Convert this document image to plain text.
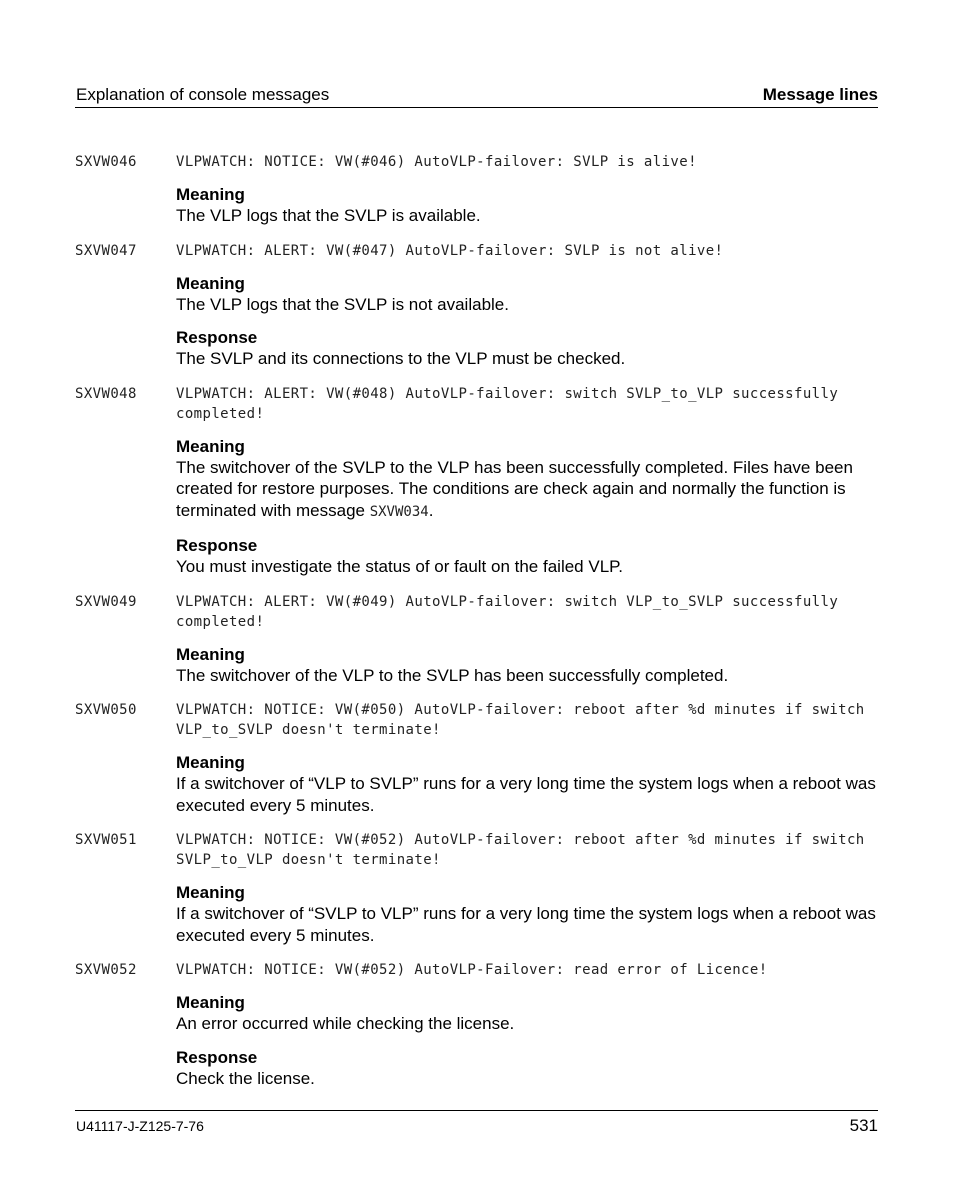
Explanation of console messages	Message lines
SXVW046	VLPWATCH: NOTICE: VW(#046) AutoVLP-failover: SVLP is alive!
Meaning
The VLP logs that the SVLP is available.
SXVW047	VLPWATCH: ALERT: VW(#047) AutoVLP-failover: SVLP is not alive!
Meaning
The VLP logs that the SVLP is not available.
Response
The SVLP and its connections to the VLP must be checked.
SXVW048	VLPWATCH: ALERT: VW(#048) AutoVLP-failover: switch SVLP_to_VLP successfully completed!
Meaning
The switchover of the SVLP to the VLP has been successfully completed. Files have been created for restore purposes. The conditions are check again and normally the function is terminated with message SXVW034.
Response
You must investigate the status of or fault on the failed VLP.
SXVW049	VLPWATCH: ALERT: VW(#049) AutoVLP-failover: switch VLP_to_SVLP successfully completed!
Meaning
The switchover of the VLP to the SVLP has been successfully completed.
SXVW050	VLPWATCH: NOTICE: VW(#050) AutoVLP-failover: reboot after %d minutes if switch VLP_to_SVLP doesn't terminate!
Meaning
If a switchover of “VLP to SVLP” runs for a very long time the system logs when a reboot was executed every 5 minutes.
SXVW051	VLPWATCH: NOTICE: VW(#052) AutoVLP-failover: reboot after %d minutes if switch SVLP_to_VLP doesn't terminate!
Meaning
If a switchover of “SVLP to VLP” runs for a very long time the system logs when a reboot was executed every 5 minutes.
SXVW052	VLPWATCH: NOTICE: VW(#052) AutoVLP-Failover: read error of Licence!
Meaning
An error occurred while checking the license.
Response
Check the license.
U41117-J-Z125-7-76	531
